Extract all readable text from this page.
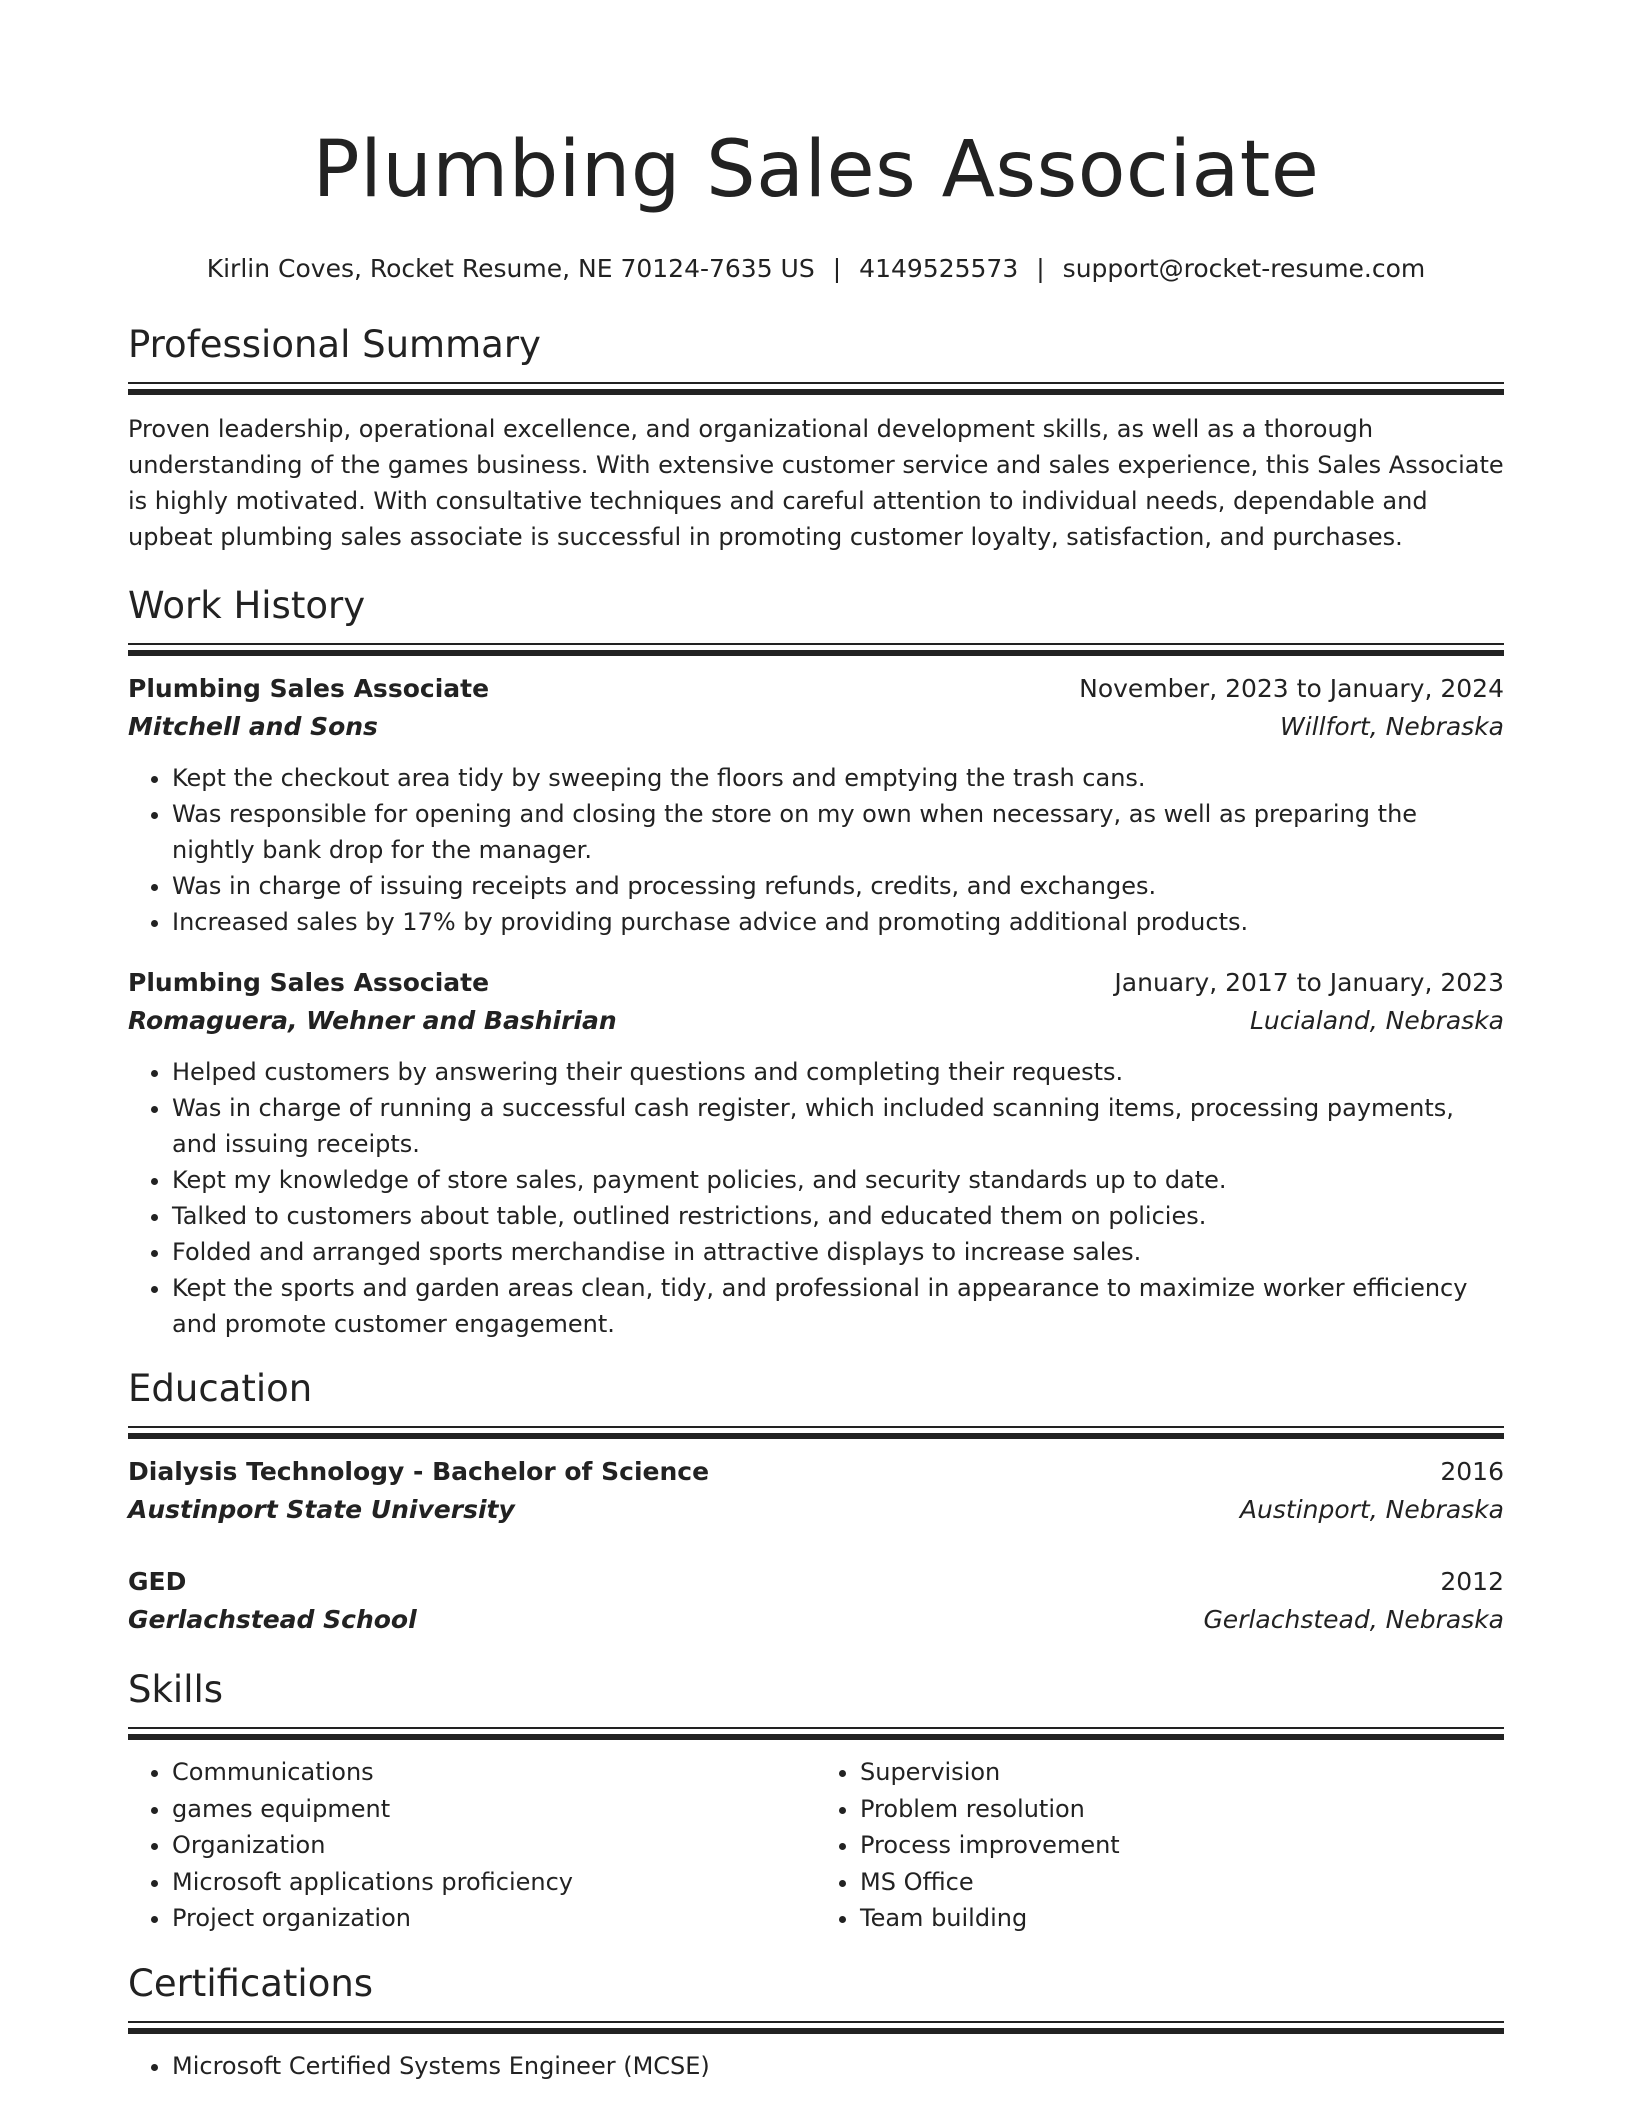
Plumbing Sales Associate
Kirlin Coves, Rocket Resume, NE 70124-7635 US | 4149525573 | support@rocket-resume.com
Professional Summary
Proven leadership, operational excellence, and organizational development skills, as well as a thorough understanding of the games business. With extensive customer service and sales experience, this Sales Associate is highly motivated. With consultative techniques and careful attention to individual needs, dependable and upbeat plumbing sales associate is successful in promoting customer loyalty, satisfaction, and purchases.
Work History
Plumbing Sales Associate	November, 2023 to January, 2024
Mitchell and Sons	Willfort, Nebraska
• Kept the checkout area tidy by sweeping the floors and emptying the trash cans.
• Was responsible for opening and closing the store on my own when necessary, as well as preparing the nightly bank drop for the manager.
• Was in charge of issuing receipts and processing refunds, credits, and exchanges.
• Increased sales by 17% by providing purchase advice and promoting additional products.
Plumbing Sales Associate	January, 2017 to January, 2023
Romaguera, Wehner and Bashirian	Lucialand, Nebraska
• Helped customers by answering their questions and completing their requests.
• Was in charge of running a successful cash register, which included scanning items, processing payments, and issuing receipts.
• Kept my knowledge of store sales, payment policies, and security standards up to date.
• Talked to customers about table, outlined restrictions, and educated them on policies.
• Folded and arranged sports merchandise in attractive displays to increase sales.
• Kept the sports and garden areas clean, tidy, and professional in appearance to maximize worker efficiency and promote customer engagement.
Education
Dialysis Technology - Bachelor of Science	2016
Austinport State University	Austinport, Nebraska
GED	2012
Gerlachstead School	Gerlachstead, Nebraska
Skills
• Communications
• games equipment
• Organization
• Microsoft applications proficiency
• Project organization
• Supervision
• Problem resolution
• Process improvement
• MS Office
• Team building
Certifications
• Microsoft Certified Systems Engineer (MCSE)
